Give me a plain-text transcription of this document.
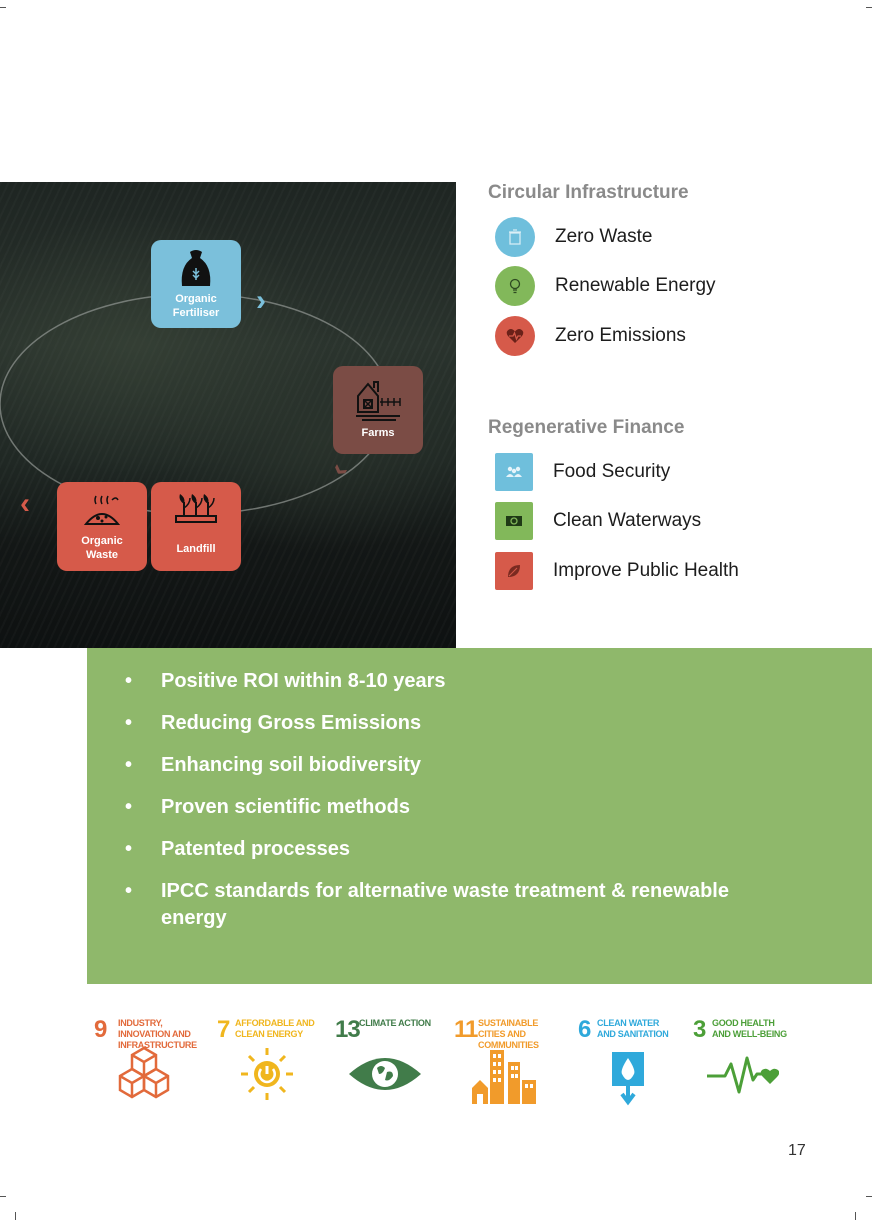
Organic
Fertiliser
Farms
Organic
Waste	Landfill
›
›
‹
Circular Infrastructure
Zero Waste
Renewable Energy
Zero Emissions
Regenerative Finance
Food Security
Clean Waterways
Improve Public Health
• Positive ROI within 8-10 years
• Reducing Gross Emissions
• Enhancing soil biodiversity
• Proven scientific methods
• Patented processes
• IPCC standards for alternative waste treatment & renewable energy
9 INDUSTRY, INNOVATION AND INFRASTRUCTURE
7 AFFORDABLE AND CLEAN ENERGY	13 CLIMATE ACTION 11 SUSTAINABLE CITIES AND COMMUNITIES
6 CLEAN WATER AND SANITATION	3 GOOD HEALTH AND WELL-BEING
17
